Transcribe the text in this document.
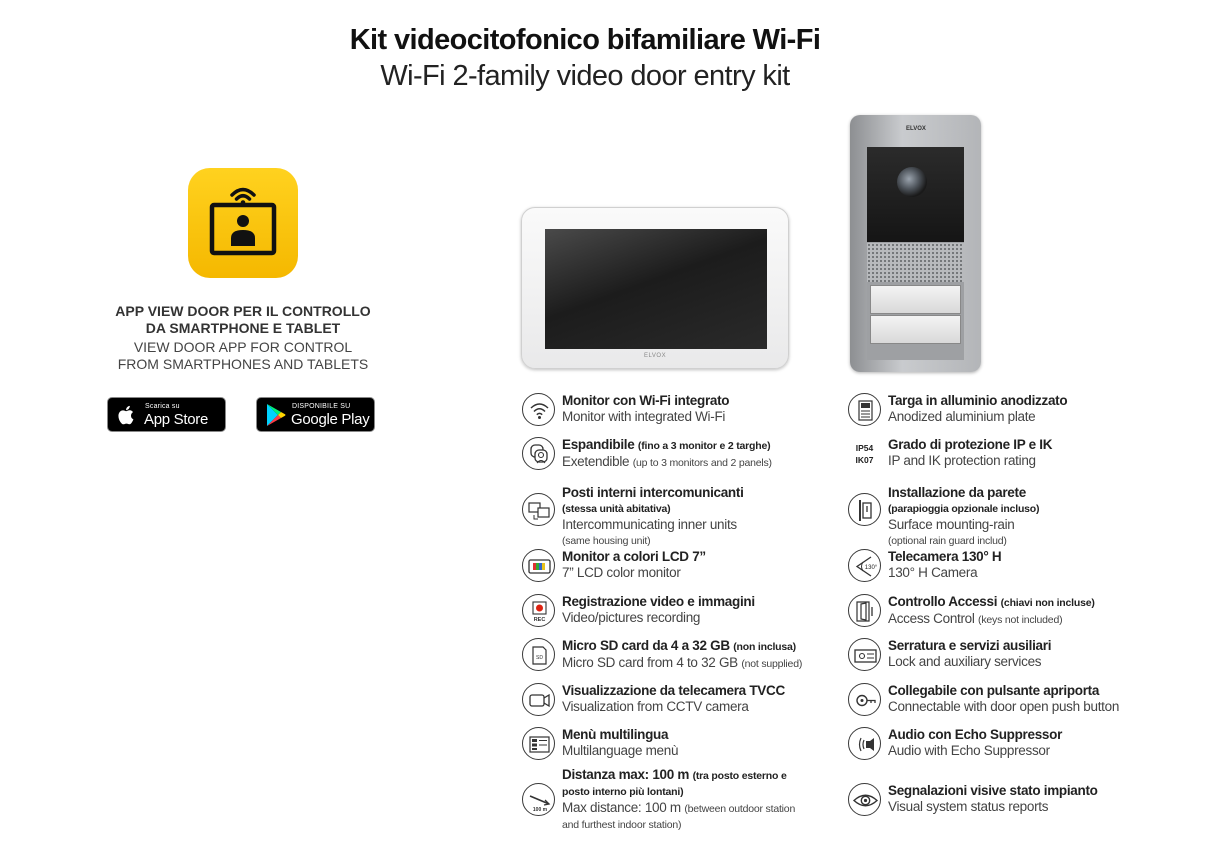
Kit videocitofonico bifamiliare Wi-Fi
Wi-Fi 2-family video door entry kit
APP VIEW DOOR PER IL CONTROLLO
DA SMARTPHONE E TABLET
VIEW DOOR APP FOR CONTROL
FROM SMARTPHONES AND TABLETS
Scarica su
App Store
DISPONIBILE SU
Google Play
ELVOX
ELVOX
Monitor con Wi-Fi integrato
Monitor with integrated Wi-Fi
Espandibile (fino a 3 monitor e 2 targhe)
Exetendible (up to 3 monitors and 2 panels)
Posti interni intercomunicanti
(stessa unità abitativa)
Intercommunicating inner units
(same housing unit)
Monitor a colori LCD 7”
7” LCD color monitor
REC
Registrazione video e immagini
Video/pictures recording
SD
Micro SD card da 4 a 32 GB (non inclusa)
Micro SD card from 4 to 32 GB (not supplied)
Visualizzazione da telecamera TVCC
Visualization from CCTV camera
Menù multilingua
Multilanguage menù
100 m
Distanza max: 100 m (tra posto esterno e
posto interno più lontani)
Max distance: 100 m (between outdoor station
and furthest indoor station)
Targa in alluminio anodizzato
Anodized aluminium plate
IP54
IK07
Grado di protezione IP e IK
IP and IK protection rating
Installazione da parete
(parapioggia opzionale incluso)
Surface mounting-rain
(optional rain guard includ)
130°
Telecamera 130° H
130° H Camera
Controllo Accessi (chiavi non incluse)
Access Control (keys not included)
Serratura e servizi ausiliari
Lock and auxiliary services
Collegabile con pulsante apriporta
Connectable with door open push button
Audio con Echo Suppressor
Audio with Echo Suppressor
Segnalazioni visive stato impianto
Visual system status reports
